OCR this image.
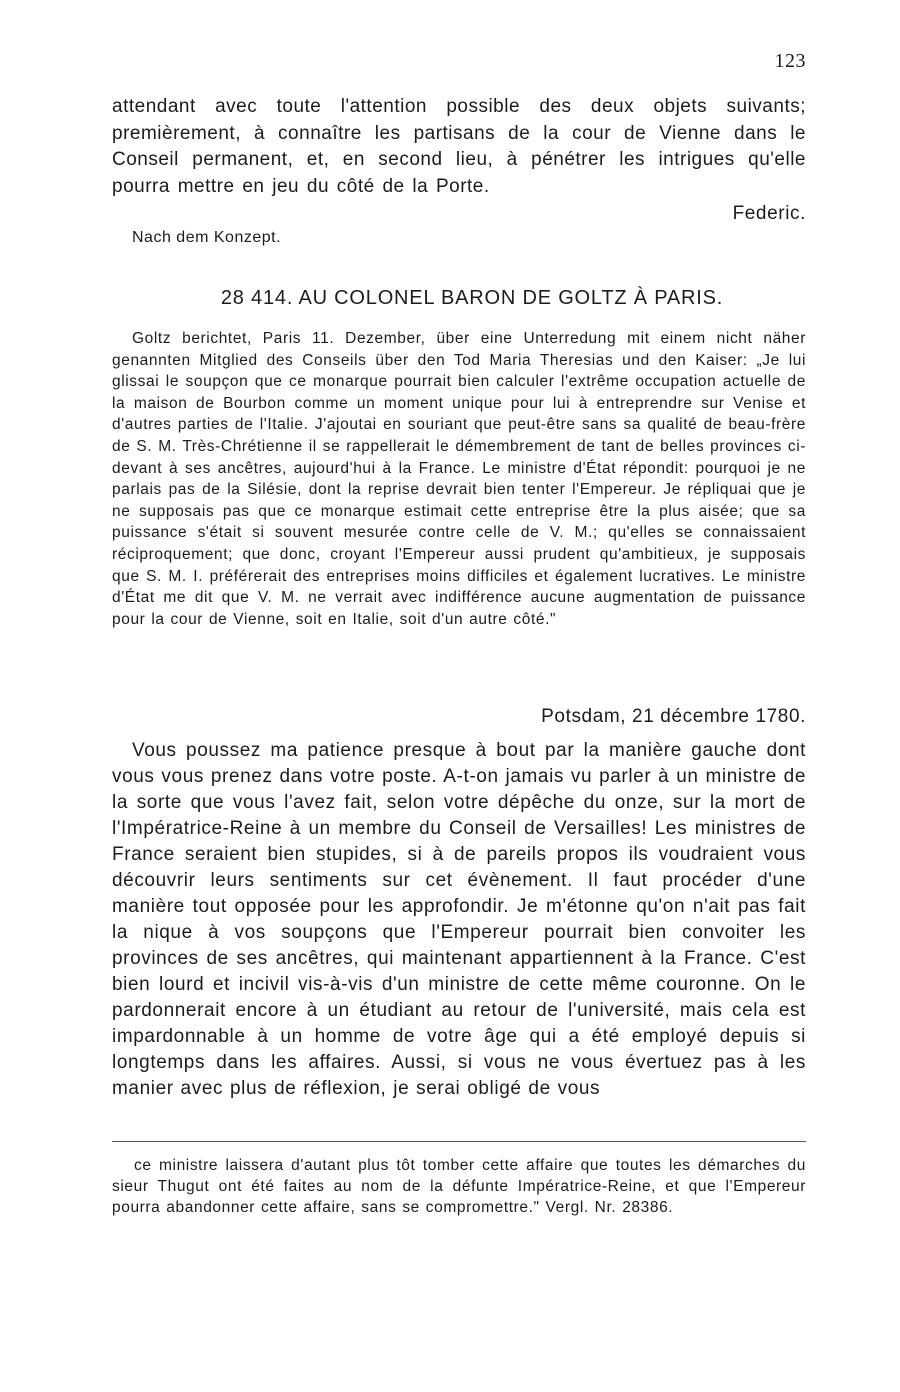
123

attendant avec toute l'attention possible des deux objets suivants; premièrement, à connaître les partisans de la cour de Vienne dans le Conseil permanent, et, en second lieu, à pénétrer les intrigues qu'elle pourra mettre en jeu du côté de la Porte.

Federic.
Nach dem Konzept.
28 414. AU COLONEL BARON DE GOLTZ À PARIS.

Goltz berichtet, Paris 11. Dezember, über eine Unterredung mit einem nicht näher genannten Mitglied des Conseils über den Tod Maria Theresias und den Kaiser: „Je lui glissai le soupçon que ce monarque pourrait bien calculer l'extrême occupation actuelle de la maison de Bourbon comme un moment unique pour lui à entreprendre sur Venise et d'autres parties de l'Italie. J'ajoutai en souriant que peut-être sans sa qualité de beau-frère de S. M. Très-Chrétienne il se rappellerait le démembrement de tant de belles provinces ci-devant à ses ancêtres, aujourd'hui à la France. Le ministre d'État répondit: pourquoi je ne parlais pas de la Silésie, dont la reprise devrait bien tenter l'Empereur. Je répliquai que je ne supposais pas que ce monarque estimait cette entreprise être la plus aisée; que sa puissance s'était si souvent mesurée contre celle de V. M.; qu'elles se connaissaient réciproquement; que donc, croyant l'Empereur aussi prudent qu'ambitieux, je supposais que S. M. I. préférerait des entreprises moins difficiles et également lucratives. Le ministre d'État me dit que V. M. ne verrait avec indifférence aucune augmentation de puissance pour la cour de Vienne, soit en Italie, soit d'un autre côté."

Potsdam, 21 décembre 1780.

Vous poussez ma patience presque à bout par la manière gauche dont vous vous prenez dans votre poste. A-t-on jamais vu parler à un ministre de la sorte que vous l'avez fait, selon votre dépêche du onze, sur la mort de l'Impératrice-Reine à un membre du Conseil de Versailles! Les ministres de France seraient bien stupides, si à de pareils propos ils voudraient vous découvrir leurs sentiments sur cet évènement. Il faut procéder d'une manière tout opposée pour les approfondir. Je m'étonne qu'on n'ait pas fait la nique à vos soupçons que l'Empereur pourrait bien convoiter les provinces de ses ancêtres, qui maintenant appartiennent à la France. C'est bien lourd et incivil vis-à-vis d'un ministre de cette même couronne. On le pardonnerait encore à un étudiant au retour de l'université, mais cela est impardonnable à un homme de votre âge qui a été employé depuis si longtemps dans les affaires. Aussi, si vous ne vous évertuez pas à les manier avec plus de réflexion, je serai obligé de vous

ce ministre laissera d'autant plus tôt tomber cette affaire que toutes les démarches du sieur Thugut ont été faites au nom de la défunte Impératrice-Reine, et que l'Empereur pourra abandonner cette affaire, sans se compromettre." Vergl. Nr. 28386.
